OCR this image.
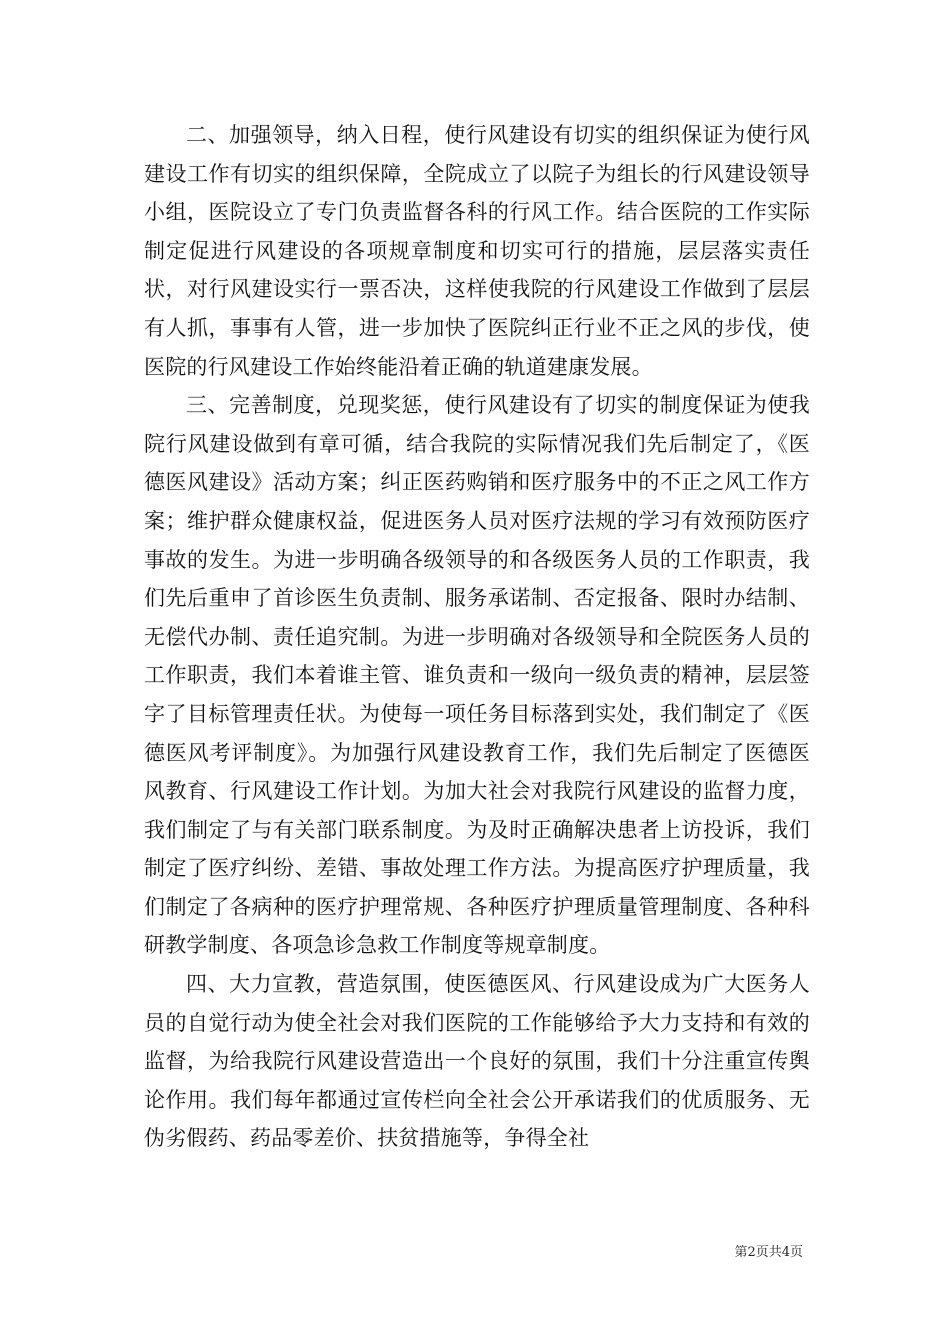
二、加强领导，纳入日程，使行风建设有切实的组织保证为使行风建设工作有切实的组织保障，全院成立了以院子为组长的行风建设领导小组，医院设立了专门负责监督各科的行风工作。结合医院的工作实际制定促进行风建设的各项规章制度和切实可行的措施，层层落实责任状，对行风建设实行一票否决，这样使我院的行风建设工作做到了层层有人抓，事事有人管，进一步加快了医院纠正行业不正之风的步伐，使医院的行风建设工作始终能沿着正确的轨道建康发展。

三、完善制度，兑现奖惩，使行风建设有了切实的制度保证为使我院行风建设做到有章可循，结合我院的实际情况我们先后制定了，《医德医风建设》活动方案；纠正医药购销和医疗服务中的不正之风工作方案；维护群众健康权益，促进医务人员对医疗法规的学习有效预防医疗事故的发生。为进一步明确各级领导的和各级医务人员的工作职责，我们先后重申了首诊医生负责制、服务承诺制、否定报备、限时办结制、无偿代办制、责任追究制。为进一步明确对各级领导和全院医务人员的工作职责，我们本着谁主管、谁负责和一级向一级负责的精神，层层签字了目标管理责任状。为使每一项任务目标落到实处，我们制定了《医德医风考评制度》。为加强行风建设教育工作，我们先后制定了医德医风教育、行风建设工作计划。为加大社会对我院行风建设的监督力度，我们制定了与有关部门联系制度。为及时正确解决患者上访投诉，我们制定了医疗纠纷、差错、事故处理工作方法。为提高医疗护理质量，我们制定了各病种的医疗护理常规、各种医疗护理质量管理制度、各种科研教学制度、各项急诊急救工作制度等规章制度。

四、大力宣教，营造氛围，使医德医风、行风建设成为广大医务人员的自觉行动为使全社会对我们医院的工作能够给予大力支持和有效的监督，为给我院行风建设营造出一个良好的氛围，我们十分注重宣传舆论作用。我们每年都通过宣传栏向全社会公开承诺我们的优质服务、无伪劣假药、药品零差价、扶贫措施等，争得全社

第2页共4页
